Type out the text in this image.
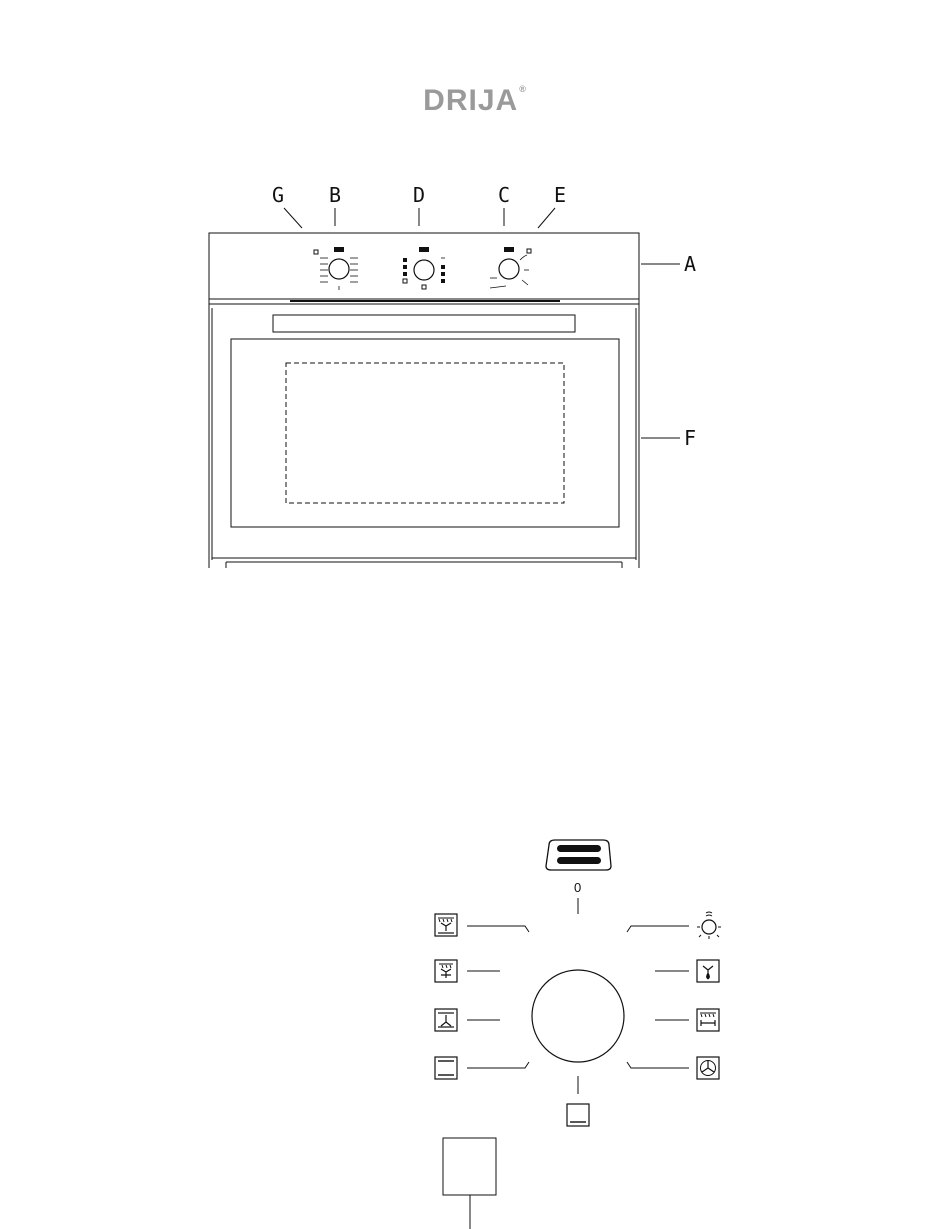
DRIJA®
G B	D	C E
A
F
0
